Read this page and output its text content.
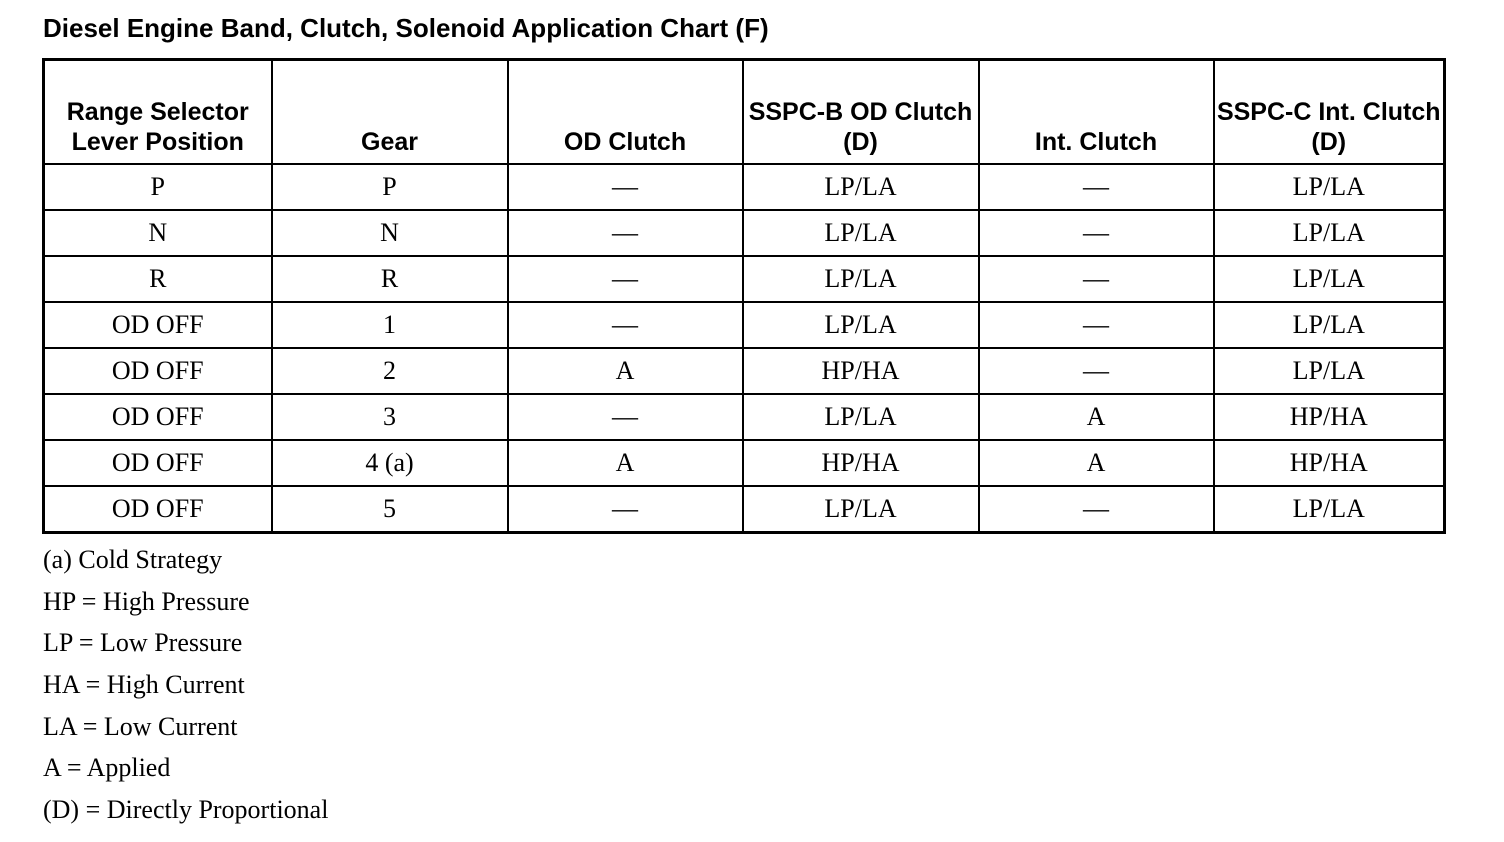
Diesel Engine Band, Clutch, Solenoid Application Chart (F)
Range Selector Lever Position	Gear	OD Clutch	SSPC-B OD Clutch (D)	Int. Clutch	SSPC-C Int. Clutch (D)
P	P	—	LP/LA	—	LP/LA
N	N	—	LP/LA	—	LP/LA
R	R	—	LP/LA	—	LP/LA
OD OFF	1	—	LP/LA	—	LP/LA
OD OFF	2	A	HP/HA	—	LP/LA
OD OFF	3	—	LP/LA	A	HP/HA
OD OFF	4 (a)	A	HP/HA	A	HP/HA
OD OFF	5	—	LP/LA	—	LP/LA
(a) Cold Strategy
HP = High Pressure
LP = Low Pressure
HA = High Current
LA = Low Current
A = Applied
(D) = Directly Proportional
